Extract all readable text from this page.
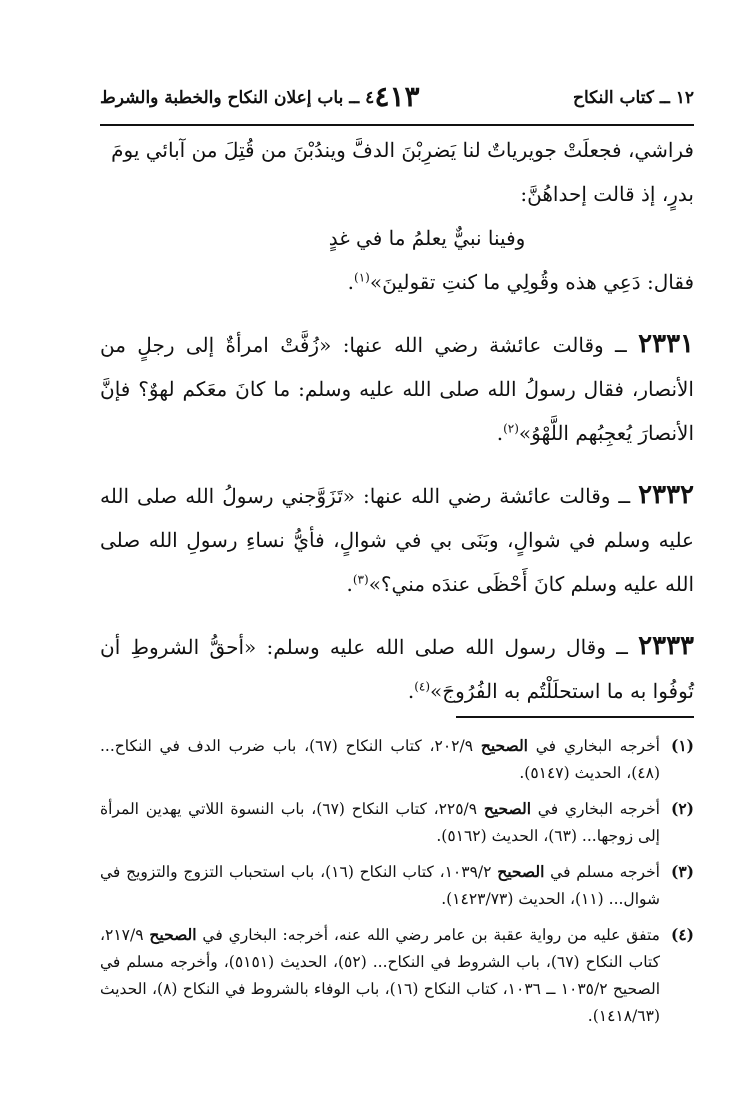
١٢ ــ كتاب النكاح
٤١٣
٤ ــ باب إعلان النكاح والخطبة والشرط

فراشي، فجعلَتْ جويرياتٌ لنا يَضرِبْنَ الدفَّ ويندُبْنَ من قُتِلَ من آبائي يومَ

بدرٍ، إذ قالت إحداهُنَّ:

وفينا نبيٌّ يعلمُ ما في غدٍ

فقال: دَعِي هذه وقُولِي ما كنتِ تقولينَ»$^{(١)}$.

٢٣٣١ ــ وقالت عائشة رضي الله عنها: «زُفَّتْ امرأةٌ إلى رجلٍ من الأنصار، فقال رسولُ الله صلى الله عليه وسلم: ما كانَ معَكم لهوٌ؟ فإنَّ الأنصارَ يُعجِبُهم اللَّهْوُ»$^{(٢)}$.

٢٣٣٢ ــ وقالت عائشة رضي الله عنها: «تَزَوَّجني رسولُ الله صلى الله عليه وسلم في شوالٍ، وبَنَى بي في شوالٍ، فأيُّ نساءِ رسولِ الله صلى الله عليه وسلم كانَ أَحْظَى عندَه مني؟»$^{(٣)}$.

٢٣٣٣ ــ وقال رسول الله صلى الله عليه وسلم: «أحقُّ الشروطِ أن تُوفُوا به ما استحلَلْتُم به الفُرُوجَ»$^{(٤)}$.

(١)
أخرجه البخاري في الصحيح ٢٠٢/٩، كتاب النكاح (٦٧)، باب ضرب الدف في النكاح... (٤٨)، الحديث (٥١٤٧).

(٢)
أخرجه البخاري في الصحيح ٢٢٥/٩، كتاب النكاح (٦٧)، باب النسوة اللاتي يهدين المرأة إلى زوجها... (٦٣)، الحديث (٥١٦٢).

(٣)
أخرجه مسلم في الصحيح ١٠٣٩/٢، كتاب النكاح (١٦)، باب استحباب التزوج والتزويج في شوال... (١١)، الحديث (١٤٢٣/٧٣).

(٤)
متفق عليه من رواية عقبة بن عامر رضي الله عنه، أخرجه: البخاري في الصحيح ٢١٧/٩، كتاب النكاح (٦٧)، باب الشروط في النكاح... (٥٢)، الحديث (٥١٥١)، وأخرجه مسلم في الصحيح ١٠٣٥/٢ ــ ١٠٣٦، كتاب النكاح (١٦)، باب الوفاء بالشروط في النكاح (٨)، الحديث (١٤١٨/٦٣).
